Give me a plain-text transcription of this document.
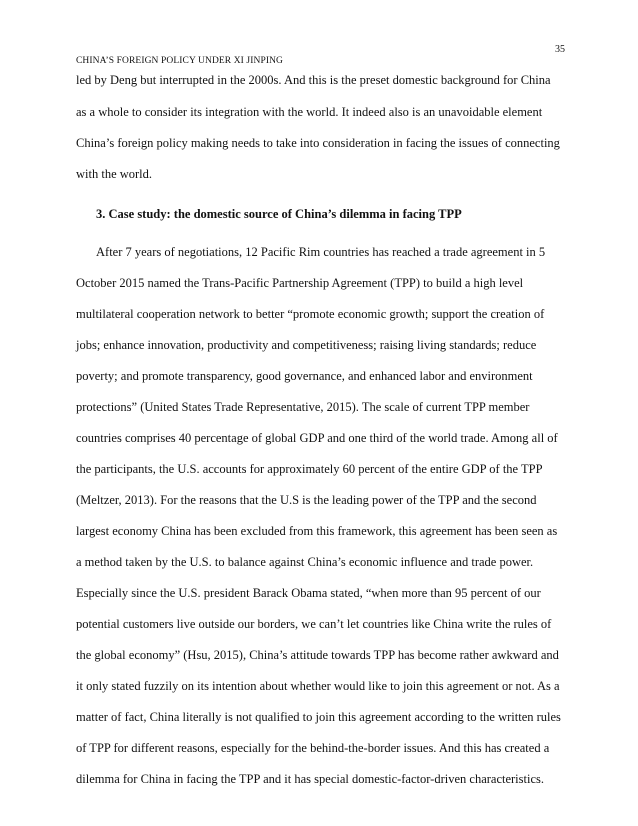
35
CHINA’S FOREIGN POLICY UNDER XI JINPING
led by Deng but interrupted in the 2000s. And this is the preset domestic background for China
as a whole to consider its integration with the world. It indeed also is an unavoidable element
China’s foreign policy making needs to take into consideration in facing the issues of connecting
with the world.
3. Case study: the domestic source of China’s dilemma in facing TPP
After 7 years of negotiations, 12 Pacific Rim countries has reached a trade agreement in 5
October 2015 named the Trans-Pacific Partnership Agreement (TPP) to build a high level
multilateral cooperation network to better “promote economic growth; support the creation of
jobs; enhance innovation, productivity and competitiveness; raising living standards; reduce
poverty; and promote transparency, good governance, and enhanced labor and environment
protections” (United States Trade Representative, 2015). The scale of current TPP member
countries comprises 40 percentage of global GDP and one third of the world trade. Among all of
the participants, the U.S. accounts for approximately 60 percent of the entire GDP of the TPP
(Meltzer, 2013). For the reasons that the U.S is the leading power of the TPP and the second
largest economy China has been excluded from this framework, this agreement has been seen as
a method taken by the U.S. to balance against China’s economic influence and trade power.
Especially since the U.S. president Barack Obama stated, “when more than 95 percent of our
potential customers live outside our borders, we can’t let countries like China write the rules of
the global economy” (Hsu, 2015), China’s attitude towards TPP has become rather awkward and
it only stated fuzzily on its intention about whether would like to join this agreement or not. As a
matter of fact, China literally is not qualified to join this agreement according to the written rules
of TPP for different reasons, especially for the behind-the-border issues. And this has created a
dilemma for China in facing the TPP and it has special domestic-factor-driven characteristics.
